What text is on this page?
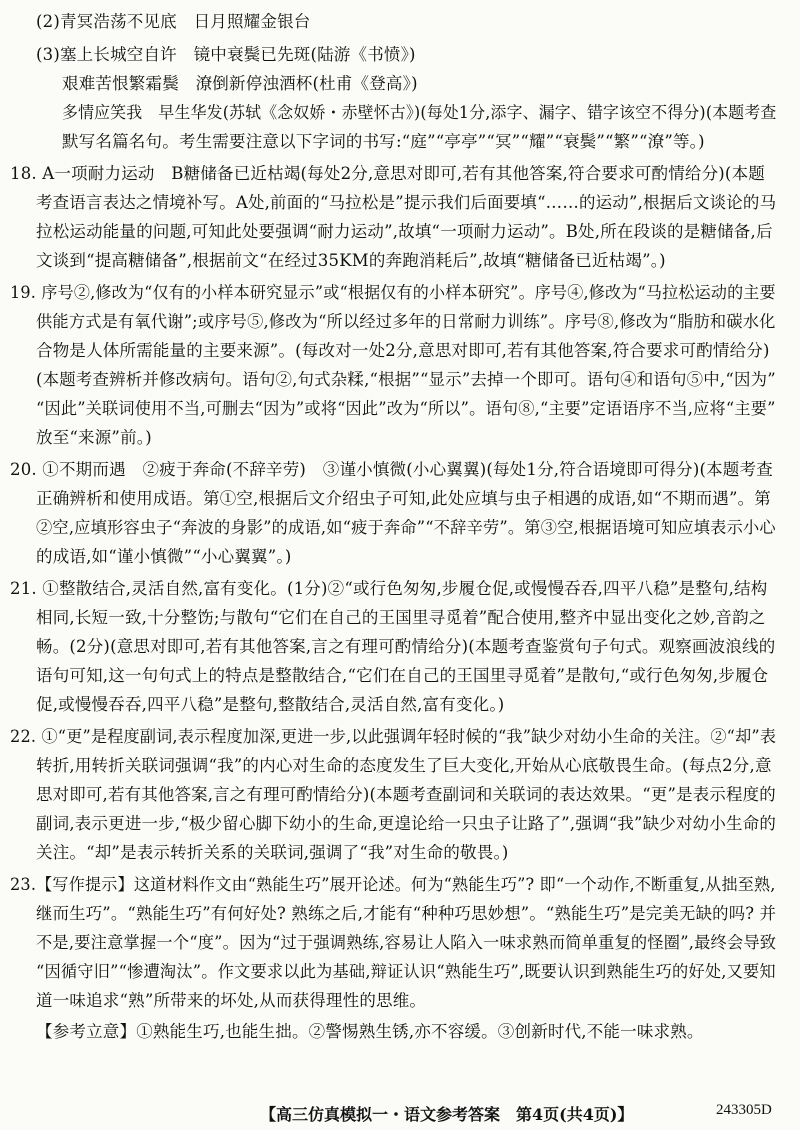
(2)青冥浩荡不见底　日月照耀金银台
(3)塞上长城空自许　镜中衰鬓已先斑(陆游《书愤》)
艰难苦恨繁霜鬓　潦倒新停浊酒杯(杜甫《登高》)
多情应笑我　早生华发(苏轼《念奴娇・赤壁怀古》)(每处1分,添字、漏字、错字该空不得分)(本题考查
默写名篇名句。考生需要注意以下字词的书写:“庭”“亭亭”“冥”“耀”“衰鬓”“繁”“潦”等。)
18. A一项耐力运动　B糖储备已近枯竭(每处2分,意思对即可,若有其他答案,符合要求可酌情给分)(本题
考查语言表达之情境补写。A处,前面的“马拉松是”提示我们后面要填“……的运动”,根据后文谈论的马
拉松运动能量的问题,可知此处要强调“耐力运动”,故填“一项耐力运动”。B处,所在段谈的是糖储备,后
文谈到“提高糖储备”,根据前文“在经过35KM的奔跑消耗后”,故填“糖储备已近枯竭”。)
19. 序号②,修改为“仅有的小样本研究显示”或“根据仅有的小样本研究”。序号④,修改为“马拉松运动的主要
供能方式是有氧代谢”;或序号⑤,修改为“所以经过多年的日常耐力训练”。序号⑧,修改为“脂肪和碳水化
合物是人体所需能量的主要来源”。(每改对一处2分,意思对即可,若有其他答案,符合要求可酌情给分)
(本题考查辨析并修改病句。语句②,句式杂糅,“根据”“显示”去掉一个即可。语句④和语句⑤中,“因为”
“因此”关联词使用不当,可删去“因为”或将“因此”改为“所以”。语句⑧,“主要”定语语序不当,应将“主要”
放至“来源”前。)
20. ①不期而遇　②疲于奔命(不辞辛劳)　③谨小慎微(小心翼翼)(每处1分,符合语境即可得分)(本题考查
正确辨析和使用成语。第①空,根据后文介绍虫子可知,此处应填与虫子相遇的成语,如“不期而遇”。第
②空,应填形容虫子“奔波的身影”的成语,如“疲于奔命”“不辞辛劳”。第③空,根据语境可知应填表示小心
的成语,如“谨小慎微”“小心翼翼”。)
21. ①整散结合,灵活自然,富有变化。(1分)②“或行色匆匆,步履仓促,或慢慢吞吞,四平八稳”是整句,结构
相同,长短一致,十分整饬;与散句“它们在自己的王国里寻觅着”配合使用,整齐中显出变化之妙,音韵之
畅。(2分)(意思对即可,若有其他答案,言之有理可酌情给分)(本题考查鉴赏句子句式。观察画波浪线的
语句可知,这一句句式上的特点是整散结合,“它们在自己的王国里寻觅着”是散句,“或行色匆匆,步履仓
促,或慢慢吞吞,四平八稳”是整句,整散结合,灵活自然,富有变化。)
22. ①“更”是程度副词,表示程度加深,更进一步,以此强调年轻时候的“我”缺少对幼小生命的关注。②“却”表
转折,用转折关联词强调“我”的内心对生命的态度发生了巨大变化,开始从心底敬畏生命。(每点2分,意
思对即可,若有其他答案,言之有理可酌情给分)(本题考查副词和关联词的表达效果。“更”是表示程度的
副词,表示更进一步,“极少留心脚下幼小的生命,更遑论给一只虫子让路了”,强调“我”缺少对幼小生命的
关注。“却”是表示转折关系的关联词,强调了“我”对生命的敬畏。)
23.【写作提示】这道材料作文由“熟能生巧”展开论述。何为“熟能生巧”? 即“一个动作,不断重复,从拙至熟,
继而生巧”。“熟能生巧”有何好处? 熟练之后,才能有“种种巧思妙想”。“熟能生巧”是完美无缺的吗? 并
不是,要注意掌握一个“度”。因为“过于强调熟练,容易让人陷入一味求熟而简单重复的怪圈”,最终会导致
“因循守旧”“惨遭淘汰”。作文要求以此为基础,辩证认识“熟能生巧”,既要认识到熟能生巧的好处,又要知
道一味追求“熟”所带来的坏处,从而获得理性的思维。
【参考立意】①熟能生巧,也能生拙。②警惕熟生锈,亦不容缓。③创新时代,不能一味求熟。
【高三仿真模拟一・语文参考答案　第4页(共4页)】	243305D
